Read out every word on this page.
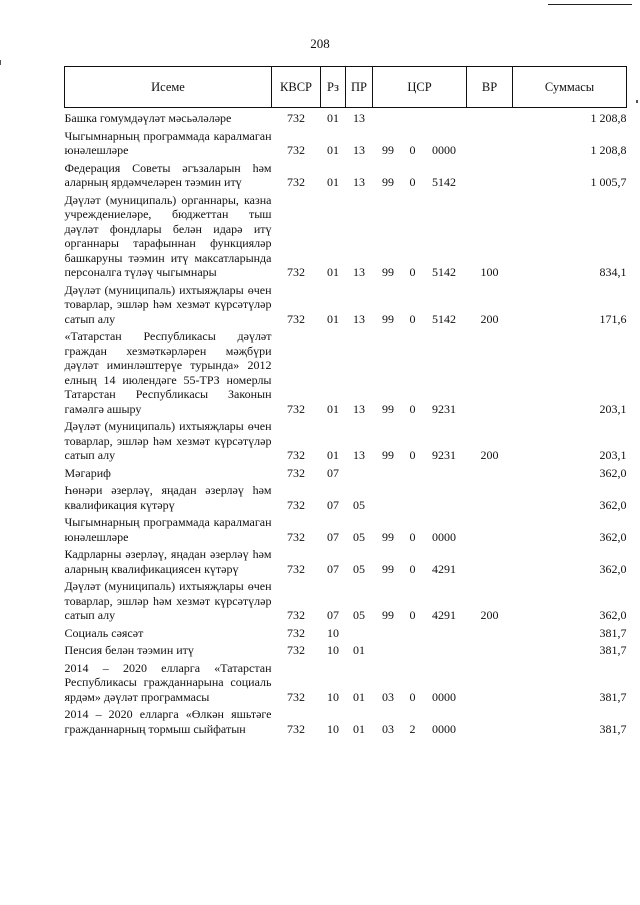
208
Исеме	КВСР	Рз	ПР	ЦСР			ВР	Суммасы
Башка гомумдәүләт мәсьәләләре	732	01	13					1 208,8
Чыгымнарның программада каралмаган юнәлешләре	732	01	13	99	0	0000		1 208,8
Федерация Советы әгъзаларын һәм аларның ярдәмчеләрен тәэмин итү	732	01	13	99	0	5142		1 005,7
Дәүләт (муниципаль) органнары, казна учреждениеләре, бюджеттан тыш дәүләт фондлары белән идарә итү органнары тарафыннан функцияләр башкаруны тәэмин итү максатларында персоналга түләү чыгымнары	732	01	13	99	0	5142	100	834,1
Дәүләт (муниципаль) ихтыяҗлары өчен товарлар, эшләр һәм хезмәт күрсәтүләр сатып алу	732	01	13	99	0	5142	200	171,6
«Татарстан Республикасы дәүләт граждан хезмәткәрләрен мәҗбүри дәүләт иминләштерүе турында» 2012 елның 14 июлендәге 55-ТРЗ номерлы Татарстан Республикасы Законын гамәлгә ашыру	732	01	13	99	0	9231		203,1
Дәүләт (муниципаль) ихтыяҗлары өчен товарлар, эшләр һәм хезмәт күрсәтүләр сатып алу	732	01	13	99	0	9231	200	203,1
Мәгариф	732	07						362,0
Һөнәри әзерләү, яңадан әзерләү һәм квалификация күтәрү	732	07	05					362,0
Чыгымнарның программада каралмаган юнәлешләре	732	07	05	99	0	0000		362,0
Кадрларны әзерләү, яңадан әзерләү һәм аларның квалификациясен күтәрү	732	07	05	99	0	4291		362,0
Дәүләт (муниципаль) ихтыяҗлары өчен товарлар, эшләр һәм хезмәт күрсәтүләр сатып алу	732	07	05	99	0	4291	200	362,0
Социаль сәясәт	732	10						381,7
Пенсия белән тәэмин итү	732	10	01					381,7
2014 – 2020 елларга «Татарстан Республикасы гражданнарына социаль ярдәм» дәүләт программасы	732	10	01	03	0	0000		381,7
2014 – 2020 елларга «Өлкән яшьтәге гражданнарның тормыш сыйфатын	732	10	01	03	2	0000		381,7
